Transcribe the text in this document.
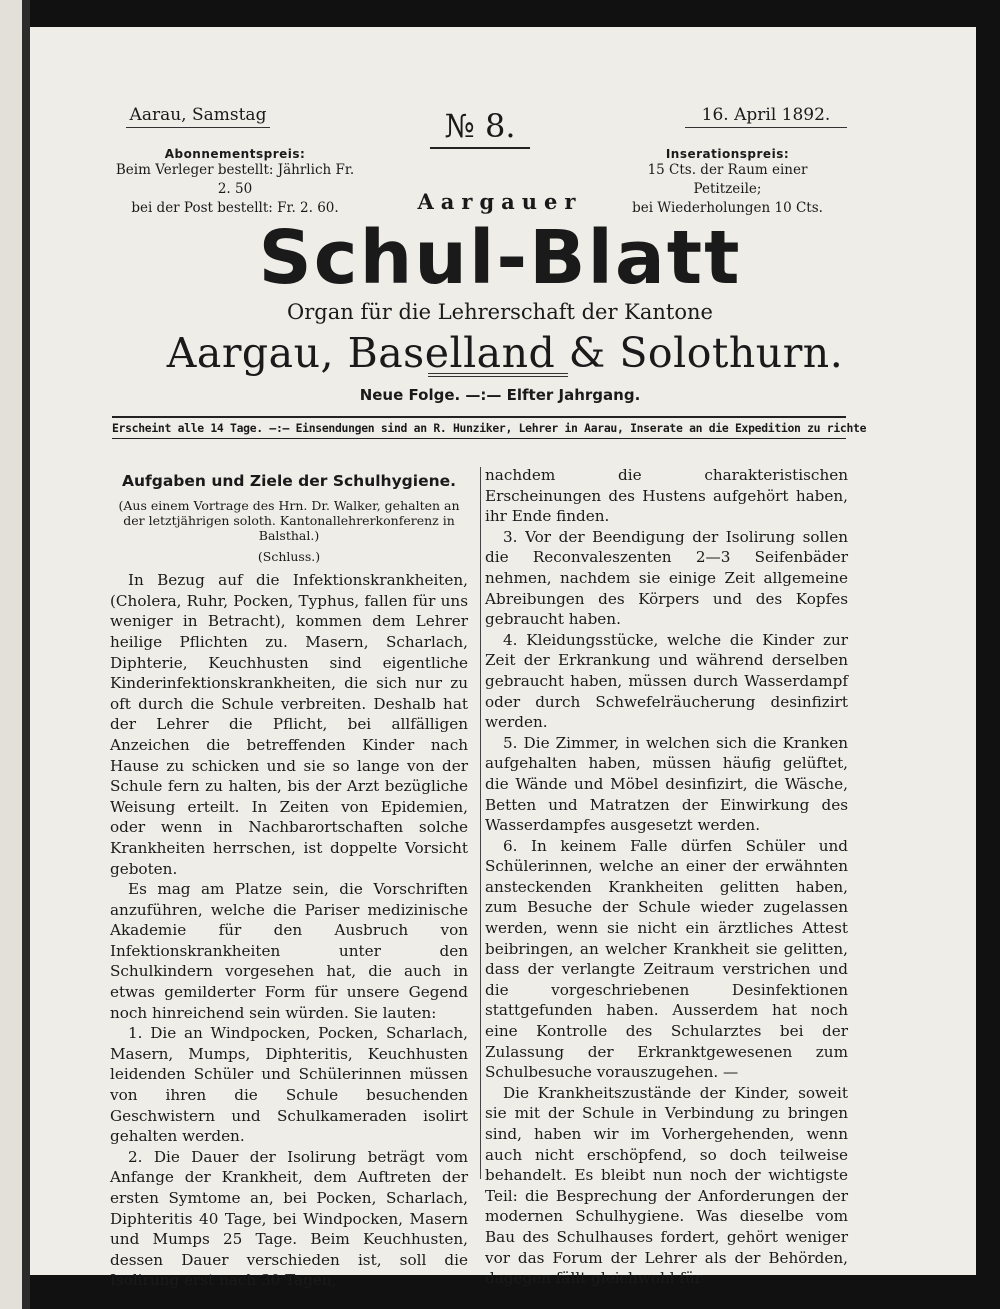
Aarau, Samstag	№ 8.	16. April 1892.
Abonnementspreis:
Beim Verleger bestellt: Jährlich Fr. 2. 50
bei der Post bestellt: Fr. 2. 60.
Inserationspreis:
15 Cts. der Raum einer Petitzeile;
bei Wiederholungen 10 Cts.
Aargauer
Schul-Blatt
Organ für die Lehrerschaft der Kantone
Aargau, Baselland & Solothurn.
Neue Folge. —:— Elfter Jahrgang.
Erscheint alle 14 Tage. —:— Einsendungen sind an R. Hunziker, Lehrer in Aarau, Inserate an die Expedition zu richte

Aufgaben und Ziele der Schulhygiene.

(Aus einem Vortrage des Hrn. Dr. Walker, gehalten an der letztjährigen soloth. Kantonallehrerkonferenz in Balsthal.)

(Schluss.)

In Bezug auf die Infektionskrankheiten, (Cholera, Ruhr, Pocken, Typhus, fallen für uns weniger in Betracht), kommen dem Lehrer heilige Pflichten zu. Masern, Scharlach, Diphterie, Keuchhusten sind eigentliche Kinderinfektionskrankheiten, die sich nur zu oft durch die Schule verbreiten. Deshalb hat der Lehrer die Pflicht, bei allfälligen Anzeichen die betreffenden Kinder nach Hause zu schicken und sie so lange von der Schule fern zu halten, bis der Arzt bezügliche Weisung erteilt. In Zeiten von Epidemien, oder wenn in Nachbarortschaften solche Krankheiten herrschen, ist doppelte Vorsicht geboten.

Es mag am Platze sein, die Vorschriften anzuführen, welche die Pariser medizinische Akademie für den Ausbruch von Infektionskrankheiten unter den Schulkindern vorgesehen hat, die auch in etwas gemilderter Form für unsere Gegend noch hinreichend sein würden. Sie lauten:

1. Die an Windpocken, Pocken, Scharlach, Masern, Mumps, Diphteritis, Keuchhusten leidenden Schüler und Schülerinnen müssen von ihren die Schule besuchenden Geschwistern und Schulkameraden isolirt gehalten werden.

2. Die Dauer der Isolirung beträgt vom Anfange der Krankheit, dem Auftreten der ersten Symtome an, bei Pocken, Scharlach, Diphteritis 40 Tage, bei Windpocken, Masern und Mumps 25 Tage. Beim Keuchhusten, dessen Dauer verschieden ist, soll die Isolirung erst nach 30 Tagen,

nachdem die charakteristischen Erscheinungen des Hustens aufgehört haben, ihr Ende finden.

3. Vor der Beendigung der Isolirung sollen die Reconvaleszenten 2—3 Seifenbäder nehmen, nachdem sie einige Zeit allgemeine Abreibungen des Körpers und des Kopfes gebraucht haben.

4. Kleidungsstücke, welche die Kinder zur Zeit der Erkrankung und während derselben gebraucht haben, müssen durch Wasserdampf oder durch Schwefelräucherung desinfizirt werden.

5. Die Zimmer, in welchen sich die Kranken aufgehalten haben, müssen häufig gelüftet, die Wände und Möbel desinfizirt, die Wäsche, Betten und Matratzen der Einwirkung des Wasserdampfes ausgesetzt werden.

6. In keinem Falle dürfen Schüler und Schülerinnen, welche an einer der erwähnten ansteckenden Krankheiten gelitten haben, zum Besuche der Schule wieder zugelassen werden, wenn sie nicht ein ärztliches Attest beibringen, an welcher Krankheit sie gelitten, dass der verlangte Zeitraum verstrichen und die vorgeschriebenen Desinfektionen stattgefunden haben. Ausserdem hat noch eine Kontrolle des Schularztes bei der Zulassung der Erkranktgewesenen zum Schulbesuche vorauszugehen. —

Die Krankheitszustände der Kinder, soweit sie mit der Schule in Verbindung zu bringen sind, haben wir im Vorhergehenden, wenn auch nicht erschöpfend, so doch teilweise behandelt. Es bleibt nun noch der wichtigste Teil: die Besprechung der Anforderungen der modernen Schulhygiene. Was dieselbe vom Bau des Schulhauses fordert, gehört weniger vor das Forum der Lehrer als der Behörden, dagegen fällt gleichwohl für
